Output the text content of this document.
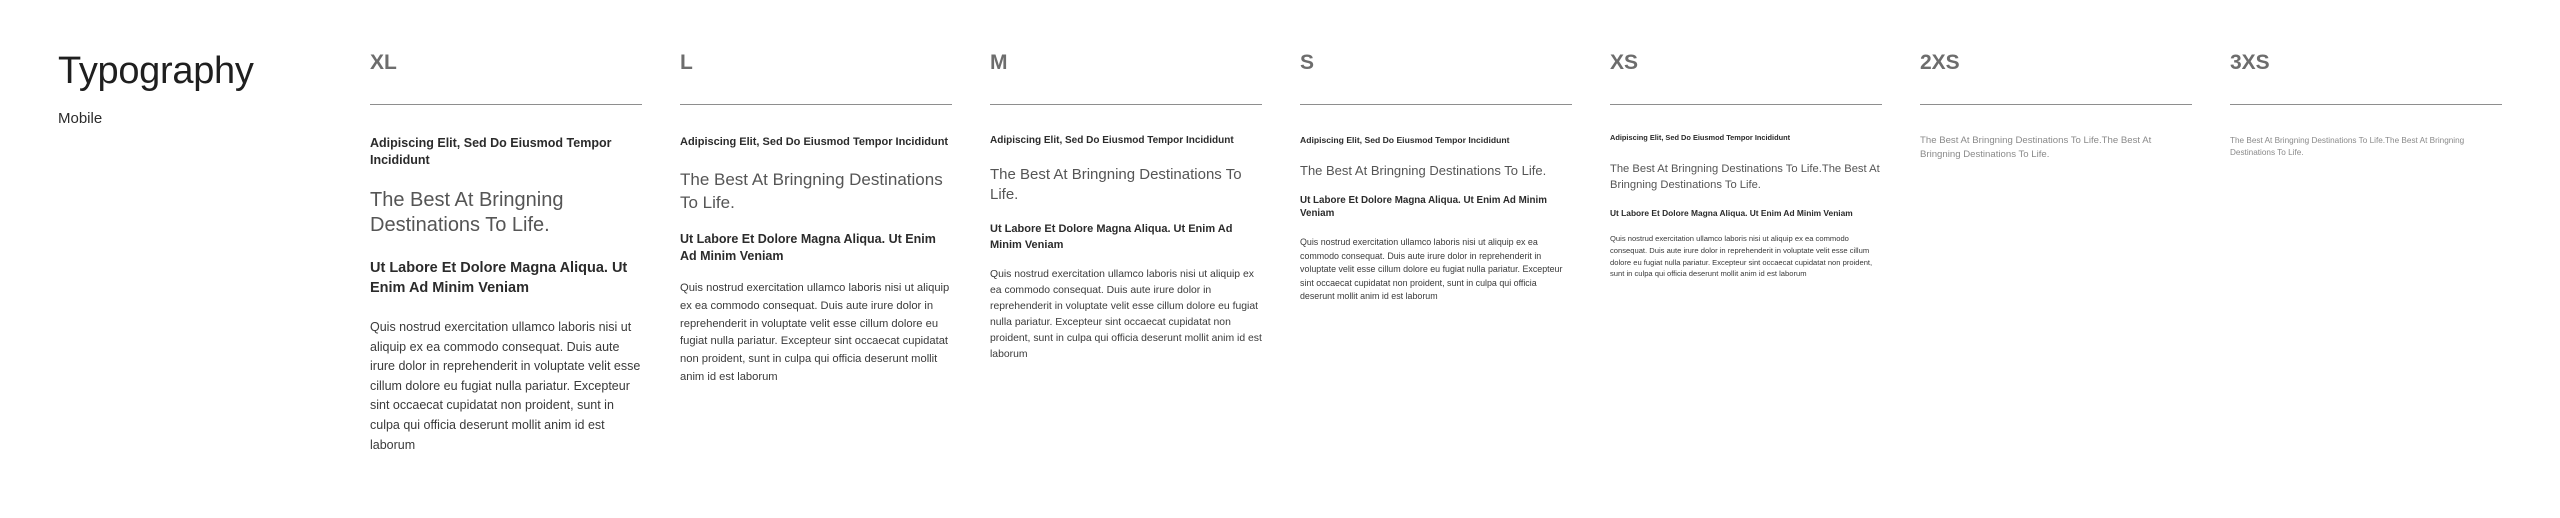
Typography
Mobile
XL

Adipiscing Elit, Sed Do Eiusmod Tempor Incididunt

The Best At Bringning Destinations To Life.

Ut Labore Et Dolore Magna Aliqua. Ut Enim Ad Minim Veniam

Quis nostrud exercitation ullamco laboris nisi ut aliquip ex ea commodo consequat. Duis aute irure dolor in reprehenderit in voluptate velit esse cillum dolore eu fugiat nulla pariatur. Excepteur sint occaecat cupidatat non proident, sunt in culpa qui officia deserunt mollit anim id est laborum

L

Adipiscing Elit, Sed Do Eiusmod Tempor Incididunt

The Best At Bringning Destinations To Life.

Ut Labore Et Dolore Magna Aliqua. Ut Enim Ad Minim Veniam

Quis nostrud exercitation ullamco laboris nisi ut aliquip ex ea commodo consequat. Duis aute irure dolor in reprehenderit in voluptate velit esse cillum dolore eu fugiat nulla pariatur. Excepteur sint occaecat cupidatat non proident, sunt in culpa qui officia deserunt mollit anim id est laborum

M

Adipiscing Elit, Sed Do Eiusmod Tempor Incididunt

The Best At Bringning Destinations To Life.

Ut Labore Et Dolore Magna Aliqua. Ut Enim Ad Minim Veniam

Quis nostrud exercitation ullamco laboris nisi ut aliquip ex ea commodo consequat. Duis aute irure dolor in reprehenderit in voluptate velit esse cillum dolore eu fugiat nulla pariatur. Excepteur sint occaecat cupidatat non proident, sunt in culpa qui officia deserunt mollit anim id est laborum

S

Adipiscing Elit, Sed Do Eiusmod Tempor Incididunt

The Best At Bringning Destinations To Life.

Ut Labore Et Dolore Magna Aliqua. Ut Enim Ad Minim Veniam

Quis nostrud exercitation ullamco laboris nisi ut aliquip ex ea commodo consequat. Duis aute irure dolor in reprehenderit in voluptate velit esse cillum dolore eu fugiat nulla pariatur. Excepteur sint occaecat cupidatat non proident, sunt in culpa qui officia deserunt mollit anim id est laborum

XS

Adipiscing Elit, Sed Do Eiusmod Tempor Incididunt

The Best At Bringning Destinations To Life.The Best At Bringning Destinations To Life.

Ut Labore Et Dolore Magna Aliqua. Ut Enim Ad Minim Veniam

Quis nostrud exercitation ullamco laboris nisi ut aliquip ex ea commodo consequat. Duis aute irure dolor in reprehenderit in voluptate velit esse cillum dolore eu fugiat nulla pariatur. Excepteur sint occaecat cupidatat non proident, sunt in culpa qui officia deserunt mollit anim id est laborum

2XS

The Best At Bringning Destinations To Life.The Best At Bringning Destinations To Life.

3XS

The Best At Bringning Destinations To Life.The Best At Bringning Destinations To Life.
